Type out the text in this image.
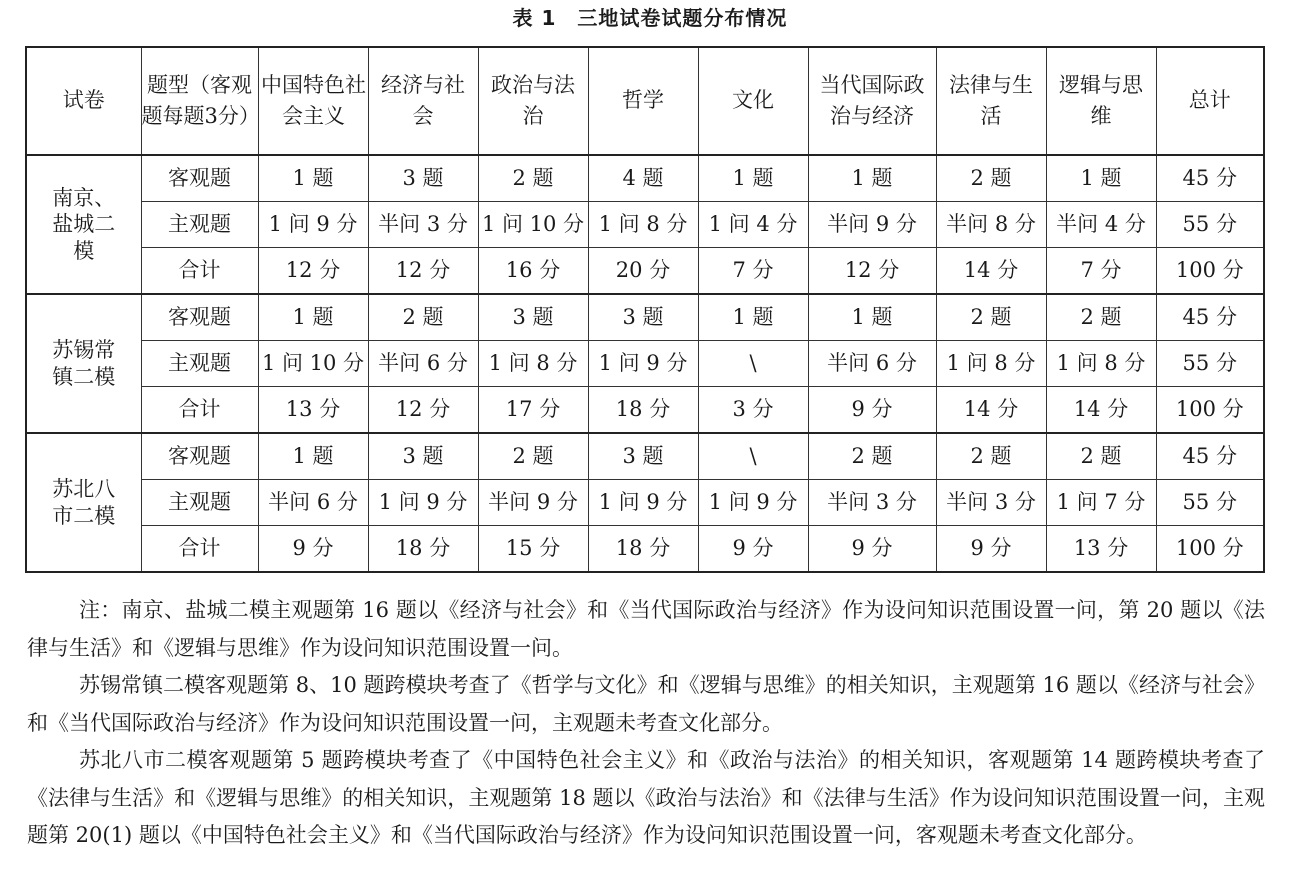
表 1　三地试卷试题分布情况
试卷	题型（客观题每题3分）	中国特色社会主义	经济与社会	政治与法治	哲学	文化	当代国际政治与经济	法律与生活	逻辑与思维	总计
南京、盐城二模	客观题	1 题	3 题	2 题	4 题	1 题	1 题	2 题	1 题	45 分
	主观题	1 问 9 分	半问 3 分	1 问 10 分	1 问 8 分	1 问 4 分	半问 9 分	半问 8 分	半问 4 分	55 分
	合计	12 分	12 分	16 分	20 分	7 分	12 分	14 分	7 分	100 分
苏锡常镇二模	客观题	1 题	2 题	3 题	3 题	1 题	1 题	2 题	2 题	45 分
	主观题	1 问 10 分	半问 6 分	1 问 8 分	1 问 9 分	\	半问 6 分	1 问 8 分	1 问 8 分	55 分
	合计	13 分	12 分	17 分	18 分	3 分	9 分	14 分	14 分	100 分
苏北八市二模	客观题	1 题	3 题	2 题	3 题	\	2 题	2 题	2 题	45 分
	主观题	半问 6 分	1 问 9 分	半问 9 分	1 问 9 分	1 问 9 分	半问 3 分	半问 3 分	1 问 7 分	55 分
	合计	9 分	18 分	15 分	18 分	9 分	9 分	9 分	13 分	100 分

注：南京、盐城二模主观题第 16 题以《经济与社会》和《当代国际政治与经济》作为设问知识范围设置一问，第 20 题以《法律与生活》和《逻辑与思维》作为设问知识范围设置一问。

苏锡常镇二模客观题第 8、10 题跨模块考查了《哲学与文化》和《逻辑与思维》的相关知识，主观题第 16 题以《经济与社会》和《当代国际政治与经济》作为设问知识范围设置一问，主观题未考查文化部分。

苏北八市二模客观题第 5 题跨模块考查了《中国特色社会主义》和《政治与法治》的相关知识，客观题第 14 题跨模块考查了《法律与生活》和《逻辑与思维》的相关知识，主观题第 18 题以《政治与法治》和《法律与生活》作为设问知识范围设置一问，主观题第 20(1) 题以《中国特色社会主义》和《当代国际政治与经济》作为设问知识范围设置一问，客观题未考查文化部分。
